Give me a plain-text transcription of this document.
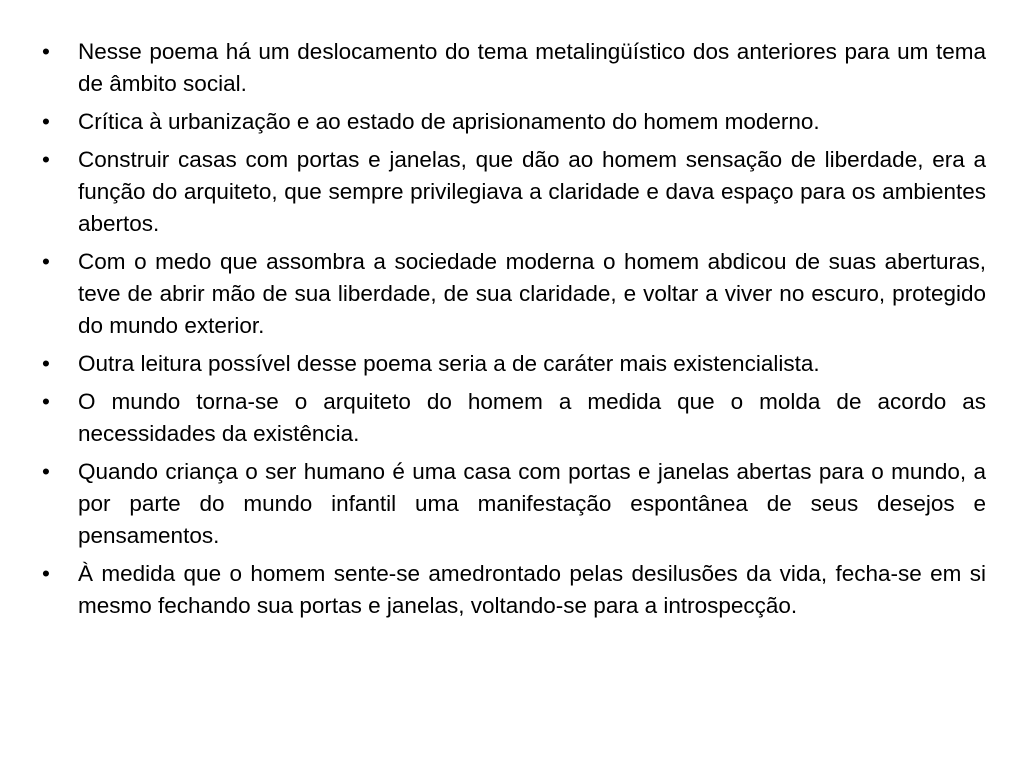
• Nesse poema há um deslocamento do tema metalingüístico dos anteriores para um tema de âmbito social.
• Crítica à urbanização e ao estado de aprisionamento do homem moderno.
• Construir casas com portas e janelas, que dão ao homem sensação de liberdade, era a função do arquiteto, que sempre privilegiava a claridade e dava espaço para os ambientes abertos.
• Com o medo que assombra a sociedade moderna o homem abdicou de suas aberturas, teve de abrir mão de sua liberdade, de sua claridade, e voltar a viver no escuro, protegido do mundo exterior.
• Outra leitura possível desse poema seria a de caráter mais existencialista.
• O mundo torna-se o arquiteto do homem a medida que o molda de acordo as necessidades da existência.
• Quando criança o ser humano é uma casa com portas e janelas abertas para o mundo, a por parte do mundo infantil uma manifestação espontânea de seus desejos e pensamentos.
• À medida que o homem sente-se amedrontado pelas desilusões da vida, fecha-se em si mesmo fechando sua portas e janelas, voltando-se para a introspecção.
